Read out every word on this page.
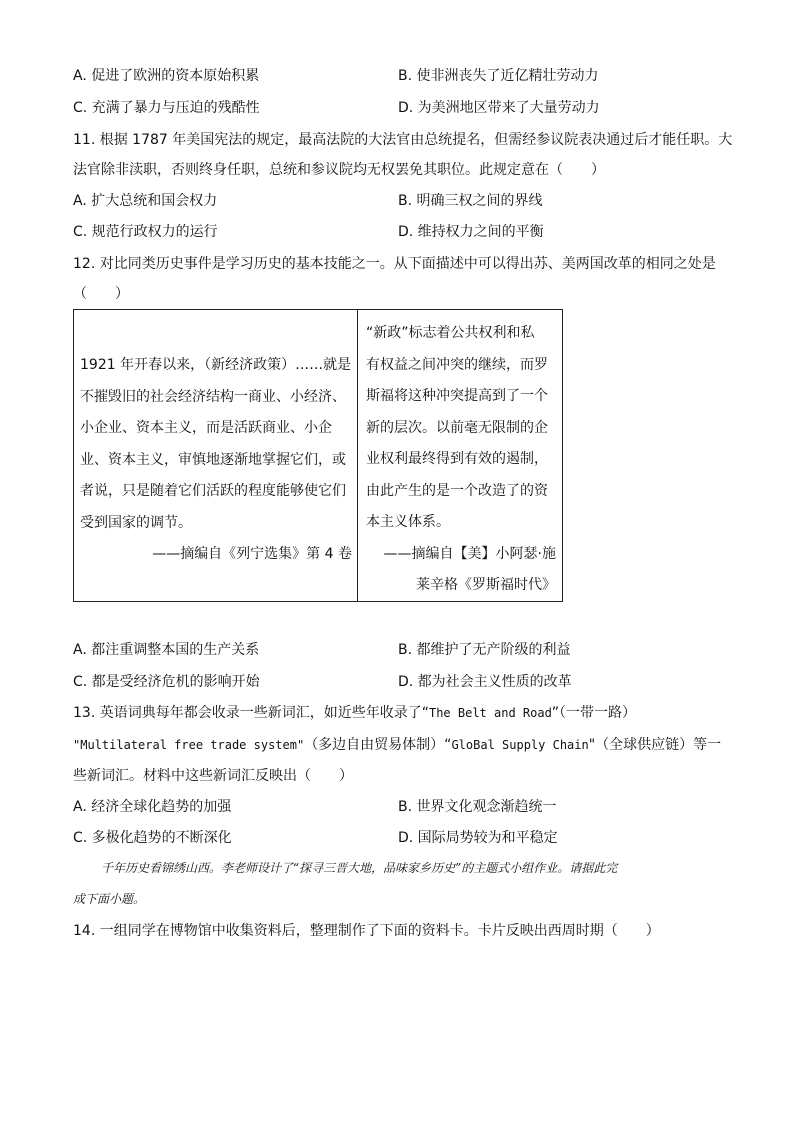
A. 促进了欧洲的资本原始积累	B. 使非洲丧失了近亿精壮劳动力
C. 充满了暴力与压迫的残酷性	D. 为美洲地区带来了大量劳动力
11. 根据 1787 年美国宪法的规定，最高法院的大法官由总统提名，但需经参议院表决通过后才能任职。大
法官除非渎职，否则终身任职，总统和参议院均无权罢免其职位。此规定意在（　　）
A. 扩大总统和国会权力	B. 明确三权之间的界线
C. 规范行政权力的运行	D. 维持权力之间的平衡
12. 对比同类历史事件是学习历史的基本技能之一。从下面描述中可以得出苏、美两国改革的相同之处是
（　　）
1921 年开春以来，（新经济政策）……就是
不摧毁旧的社会经济结构一商业、小经济、
小企业、资本主义，而是活跃商业、小企
业、资本主义，审慎地逐渐地掌握它们，或
者说，只是随着它们活跃的程度能够使它们
受到国家的调节。
——摘编自《列宁选集》第 4 卷
“新政”标志着公共权利和私
有权益之间冲突的继续，而罗
斯福将这种冲突提高到了一个
新的层次。以前毫无限制的企
业权利最终得到有效的遏制，
由此产生的是一个改造了的资
本主义体系。
——摘编自【美】小阿瑟·施
莱辛格《罗斯福时代》
A. 都注重调整本国的生产关系	B. 都维护了无产阶级的利益
C. 都是受经济危机的影响开始	D. 都为社会主义性质的改革
13. 英语词典每年都会收录一些新词汇，如近些年收录了“The Belt and Road”（一带一路）
"Multilateral free trade system"（多边自由贸易体制）“GloBal Supply Chain"（全球供应链）等一
些新词汇。材料中这些新词汇反映出（　　）
A. 经济全球化趋势的加强	B. 世界文化观念渐趋统一
C. 多极化趋势的不断深化	D. 国际局势较为和平稳定
千年历史看锦绣山西。李老师设计了“探寻三晋大地，品味家乡历史”的主题式小组作业。请据此完
成下面小题。
14. 一组同学在博物馆中收集资料后，整理制作了下面的资料卡。卡片反映出西周时期（　　）
